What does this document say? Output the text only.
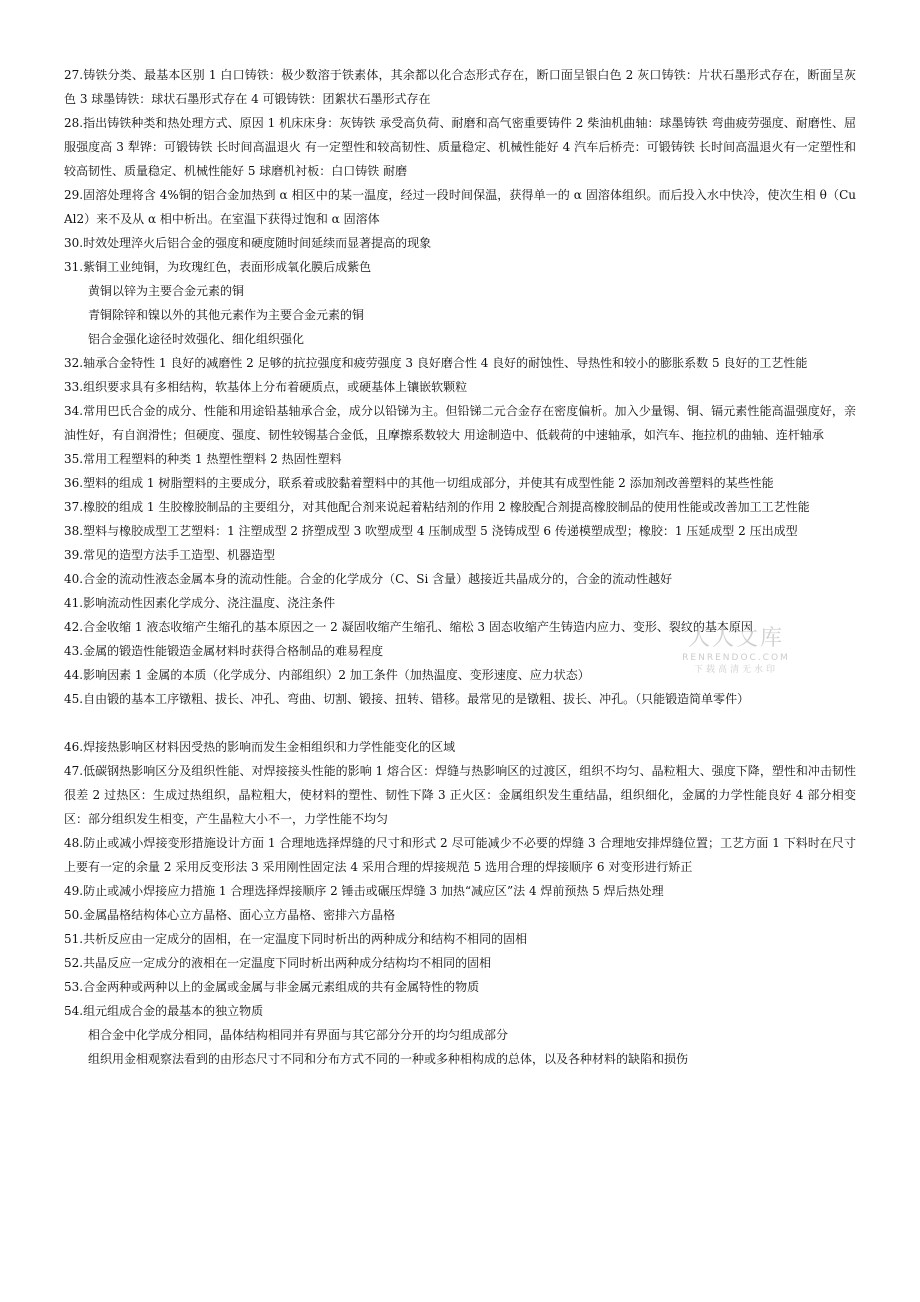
27.铸铁分类、最基本区别 1 白口铸铁：极少数溶于铁素体，其余都以化合态形式存在，断口面呈银白色 2 灰口铸铁：片状石墨形式存在，断面呈灰色 3 球墨铸铁：球状石墨形式存在 4 可锻铸铁：团絮状石墨形式存在

28.指出铸铁种类和热处理方式、原因 1 机床床身：灰铸铁 承受高负荷、耐磨和高气密重要铸件 2 柴油机曲轴：球墨铸铁 弯曲疲劳强度、耐磨性、屈服强度高 3 犁铧：可锻铸铁 长时间高温退火 有一定塑性和较高韧性、质量稳定、机械性能好 4 汽车后桥壳：可锻铸铁 长时间高温退火有一定塑性和较高韧性、质量稳定、机械性能好 5 球磨机衬板：白口铸铁 耐磨

29.固溶处理将含 4%铜的铝合金加热到 α 相区中的某一温度，经过一段时间保温，获得单一的 α 固溶体组织。而后投入水中快冷，使次生相 θ（CuAl2）来不及从 α 相中析出。在室温下获得过饱和 α 固溶体

30.时效处理淬火后铝合金的强度和硬度随时间延续而显著提高的现象

31.紫铜工业纯铜，为玫瑰红色，表面形成氧化膜后成紫色

黄铜以锌为主要合金元素的铜

青铜除锌和镍以外的其他元素作为主要合金元素的铜

铝合金强化途径时效强化、细化组织强化

32.轴承合金特性 1 良好的减磨性 2 足够的抗拉强度和疲劳强度 3 良好磨合性 4 良好的耐蚀性、导热性和较小的膨胀系数 5 良好的工艺性能

33.组织要求具有多相结构，软基体上分布着硬质点，或硬基体上镶嵌软颗粒

34.常用巴氏合金的成分、性能和用途铅基轴承合金，成分以铅锑为主。但铅锑二元合金存在密度偏析。加入少量锡、铜、镉元素性能高温强度好，亲油性好，有自润滑性；但硬度、强度、韧性较锡基合金低，且摩擦系数较大 用途制造中、低载荷的中速轴承，如汽车、拖拉机的曲轴、连杆轴承

35.常用工程塑料的种类 1 热塑性塑料 2 热固性塑料

36.塑料的组成 1 树脂塑料的主要成分，联系着或胶黏着塑料中的其他一切组成部分，并使其有成型性能 2 添加剂改善塑料的某些性能

37.橡胶的组成 1 生胶橡胶制品的主要组分，对其他配合剂来说起着粘结剂的作用 2 橡胶配合剂提高橡胶制品的使用性能或改善加工工艺性能

38.塑料与橡胶成型工艺塑料：1 注塑成型 2 挤塑成型 3 吹塑成型 4 压制成型 5 浇铸成型 6 传递模塑成型；橡胶：1 压延成型 2 压出成型

39.常见的造型方法手工造型、机器造型

40.合金的流动性液态金属本身的流动性能。合金的化学成分（C、Si 含量）越接近共晶成分的，合金的流动性越好

41.影响流动性因素化学成分、浇注温度、浇注条件

42.合金收缩 1 液态收缩产生缩孔的基本原因之一 2 凝固收缩产生缩孔、缩松 3 固态收缩产生铸造内应力、变形、裂纹的基本原因

43.金属的锻造性能锻造金属材料时获得合格制品的难易程度

44.影响因素 1 金属的本质（化学成分、内部组织）2 加工条件（加热温度、变形速度、应力状态）

45.自由锻的基本工序镦粗、拔长、冲孔、弯曲、切割、锻接、扭转、错移。最常见的是镦粗、拔长、冲孔。（只能锻造简单零件）

46.焊接热影响区材料因受热的影响而发生金相组织和力学性能变化的区域

47.低碳钢热影响区分及组织性能、对焊接接头性能的影响 1 熔合区：焊缝与热影响区的过渡区，组织不均匀、晶粒粗大、强度下降，塑性和冲击韧性很差 2 过热区：生成过热组织，晶粒粗大，使材料的塑性、韧性下降 3 正火区：金属组织发生重结晶，组织细化，金属的力学性能良好 4 部分相变区：部分组织发生相变，产生晶粒大小不一，力学性能不均匀

48.防止或减小焊接变形措施设计方面 1 合理地选择焊缝的尺寸和形式 2 尽可能减少不必要的焊缝 3 合理地安排焊缝位置；工艺方面 1 下料时在尺寸上要有一定的余量 2 采用反变形法 3 采用刚性固定法 4 采用合理的焊接规范 5 选用合理的焊接顺序 6 对变形进行矫正

49.防止或减小焊接应力措施 1 合理选择焊接顺序 2 锤击或碾压焊缝 3 加热“减应区”法 4 焊前预热 5 焊后热处理

50.金属晶格结构体心立方晶格、面心立方晶格、密排六方晶格

51.共析反应由一定成分的固相，在一定温度下同时析出的两种成分和结构不相同的固相

52.共晶反应一定成分的液相在一定温度下同时析出两种成分结构均不相同的固相

53.合金两种或两种以上的金属或金属与非金属元素组成的共有金属特性的物质

54.组元组成合金的最基本的独立物质

相合金中化学成分相同，晶体结构相同并有界面与其它部分分开的均匀组成部分

组织用金相观察法看到的由形态尺寸不同和分布方式不同的一种或多种相构成的总体，以及各种材料的缺陷和损伤

人人文库
RENRENDOC.COM
下载高清无水印
